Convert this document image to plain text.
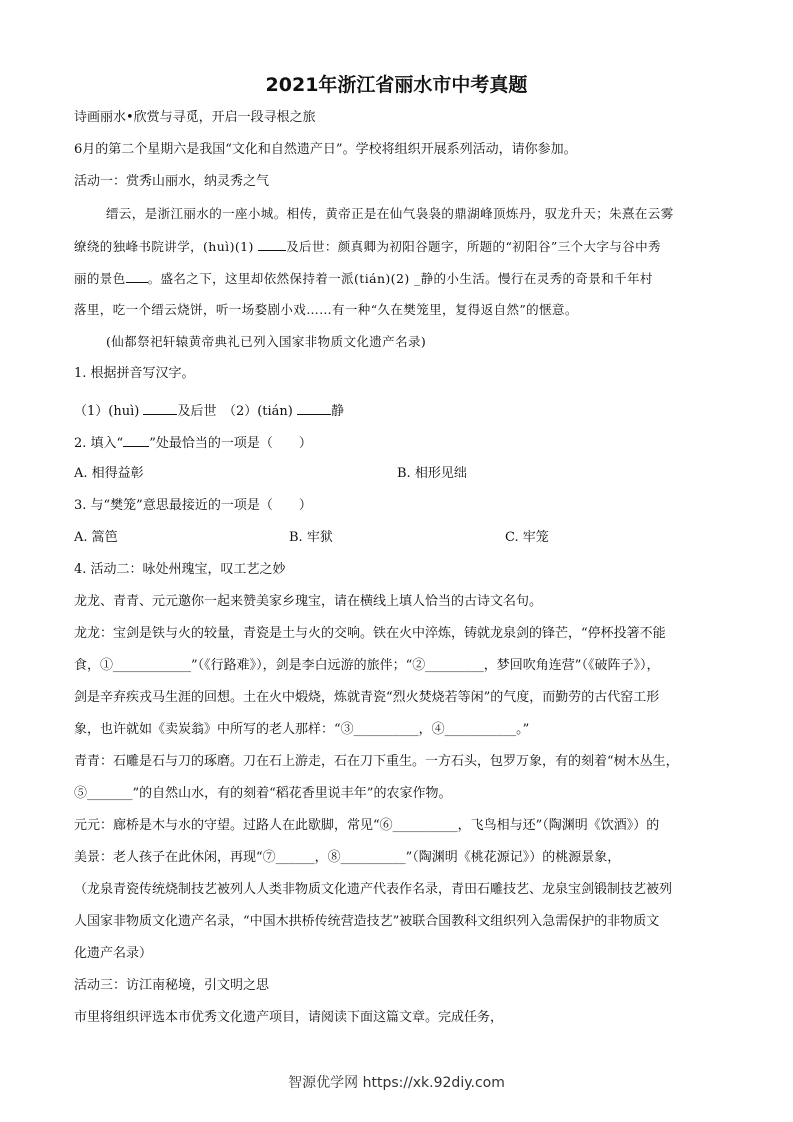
2021年浙江省丽水市中考真题
诗画丽水•欣赏与寻觅，开启一段寻根之旅
6月的第二个星期六是我国“文化和自然遗产日”。学校将组织开展系列活动，请你参加。
活动一：赏秀山丽水，纳灵秀之气
缙云，是浙江丽水的一座小城。相传，黄帝正是在仙气袅袅的鼎湖峰顶炼丹，驭龙升天；朱熹在云雾
缭绕的独峰书院讲学，(huì)(1) 及后世：颜真卿为初阳谷题字，所题的“初阳谷”三个大字与谷中秀
丽的景色 。盛名之下，这里却依然保持着一派(tián)(2) _静的小生活。慢行在灵秀的奇景和千年村
落里，吃一个缙云烧饼，听一场婺剧小戏……有一种“久在樊笼里，复得返自然”的惬意。
(仙都祭祀轩辕黄帝典礼已列入国家非物质文化遗产名录)
1. 根据拼音写汉字。
（1）(huì)	及后世　（2）(tián)	静
2. 填入“ ”处最恰当的一项是（　　）
A. 相得益彰	B. 相形见绌
3. 与“樊笼”意思最接近的一项是（　　）
A. 篙笆	B. 牢狱	C. 牢笼
4. 活动二：咏处州瑰宝，叹工艺之妙
龙龙、青青、元元邀你一起来赞美家乡瑰宝，请在横线上填人恰当的古诗文名句。
龙龙：宝剑是铁与火的较量，青瓷是土与火的交响。铁在火中淬炼，铸就龙泉剑的锋芒，“停杯投箸不能
食，①____________”（《行路难》），剑是李白远游的旅伴；“②_________，梦回吹角连营”（《破阵子》），
剑是辛弃疾戎马生涯的回想。土在火中煅烧，炼就青瓷“烈火焚烧若等闲”的气度，而勤劳的古代窑工形
象，也许就如《卖炭翁》中所写的老人那样：“③__________，④___________。”
青青：石雕是石与刀的琢磨。刀在石上游走，石在刀下重生。一方石头，包罗万象，有的刻着“树木丛生，
⑤_______”的自然山水，有的刻着“稻花香里说丰年”的农家作物。
元元：廊桥是木与水的守望。过路人在此歇脚，常见“⑥__________，飞鸟相与还”（陶渊明《饮酒》）的
美景：老人孩子在此休闲，再现“⑦______，⑧__________”（陶渊明《桃花源记》）的桃源景象，
（龙泉青瓷传统烧制技艺被列人人类非物质文化遗产代表作名录，青田石雕技艺、龙泉宝剑锻制技艺被列
人国家非物质文化遗产名录，“中国木拱桥传统营造技艺”被联合国教科文组织列入急需保护的非物质文
化遗产名录）
活动三：访江南秘境，引文明之思
市里将组织评选本市优秀文化遗产项目，请阅读下面这篇文章。完成任务，
智源优学网 https://xk.92diy.com
